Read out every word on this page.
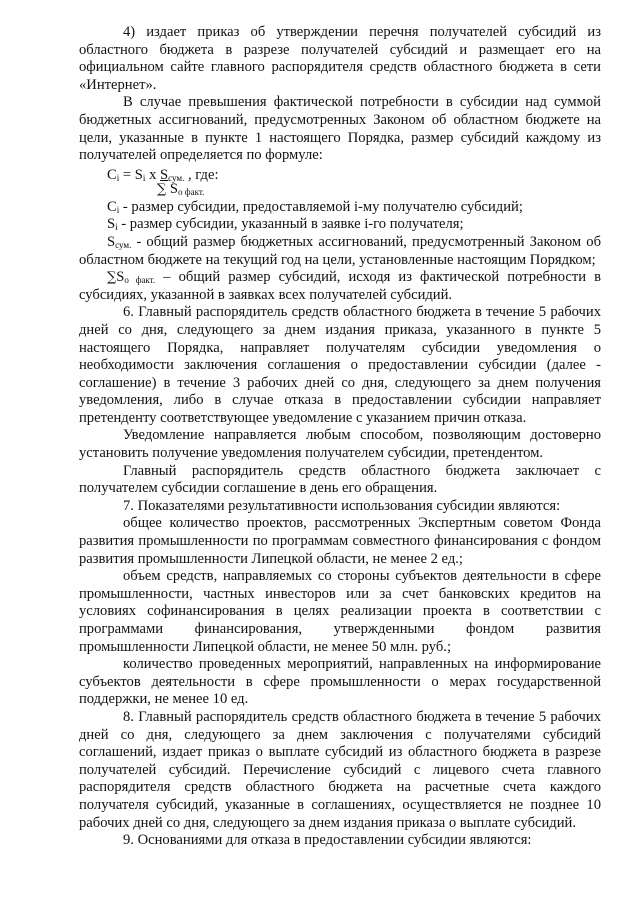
4) издает приказ об утверждении перечня получателей субсидий из областного бюджета в разрезе получателей субсидий и размещает его на официальном сайте главного распорядителя средств областного бюджета в сети «Интернет».

В случае превышения фактической потребности в субсидии над суммой бюджетных ассигнований, предусмотренных Законом об областном бюджете на цели, указанные в пункте 1 настоящего Порядка, размер субсидий каждому из получателей определяется по формуле:

$C_i = S_i$ x $S_{сум.}$ , где:
∑ $S_{о факт.}$

$C_i$ - размер субсидии, предоставляемой i-му получателю субсидий;

$S_i$ - размер субсидии, указанный в заявке i-го получателя;

$S_{сум.}$ - общий размер бюджетных ассигнований, предусмотренный Законом об областном бюджете на текущий год на цели, установленные настоящим Порядком;

$\sum S_{о факт.}$ – общий размер субсидий, исходя из фактической потребности в субсидиях, указанной в заявках всех получателей субсидий.

6. Главный распорядитель средств областного бюджета в течение 5 рабочих дней со дня, следующего за днем издания приказа, указанного в пункте 5 настоящего Порядка, направляет получателям субсидии уведомления о необходимости заключения соглашения о предоставлении субсидии (далее - соглашение) в течение 3 рабочих дней со дня, следующего за днем получения уведомления, либо в случае отказа в предоставлении субсидии направляет претенденту соответствующее уведомление с указанием причин отказа.

Уведомление направляется любым способом, позволяющим достоверно установить получение уведомления получателем субсидии, претендентом.

Главный распорядитель средств областного бюджета заключает с получателем субсидии соглашение в день его обращения.

7. Показателями результативности использования субсидии являются:

общее количество проектов, рассмотренных Экспертным советом Фонда развития промышленности по программам совместного финансирования с фондом развития промышленности Липецкой области, не менее 2 ед.;

объем средств, направляемых со стороны субъектов деятельности в сфере промышленности, частных инвесторов или за счет банковских кредитов на условиях софинансирования в целях реализации проекта в соответствии с программами финансирования, утвержденными фондом развития промышленности Липецкой области, не менее 50 млн. руб.;

количество проведенных мероприятий, направленных на информирование субъектов деятельности в сфере промышленности о мерах государственной поддержки, не менее 10 ед.

8. Главный распорядитель средств областного бюджета в течение 5 рабочих дней со дня, следующего за днем заключения с получателями субсидий соглашений, издает приказ о выплате субсидий из областного бюджета в разрезе получателей субсидий. Перечисление субсидий с лицевого счета главного распорядителя средств областного бюджета на расчетные счета каждого получателя субсидий, указанные в соглашениях, осуществляется не позднее 10 рабочих дней со дня, следующего за днем издания приказа о выплате субсидий.

9. Основаниями для отказа в предоставлении субсидии являются:
